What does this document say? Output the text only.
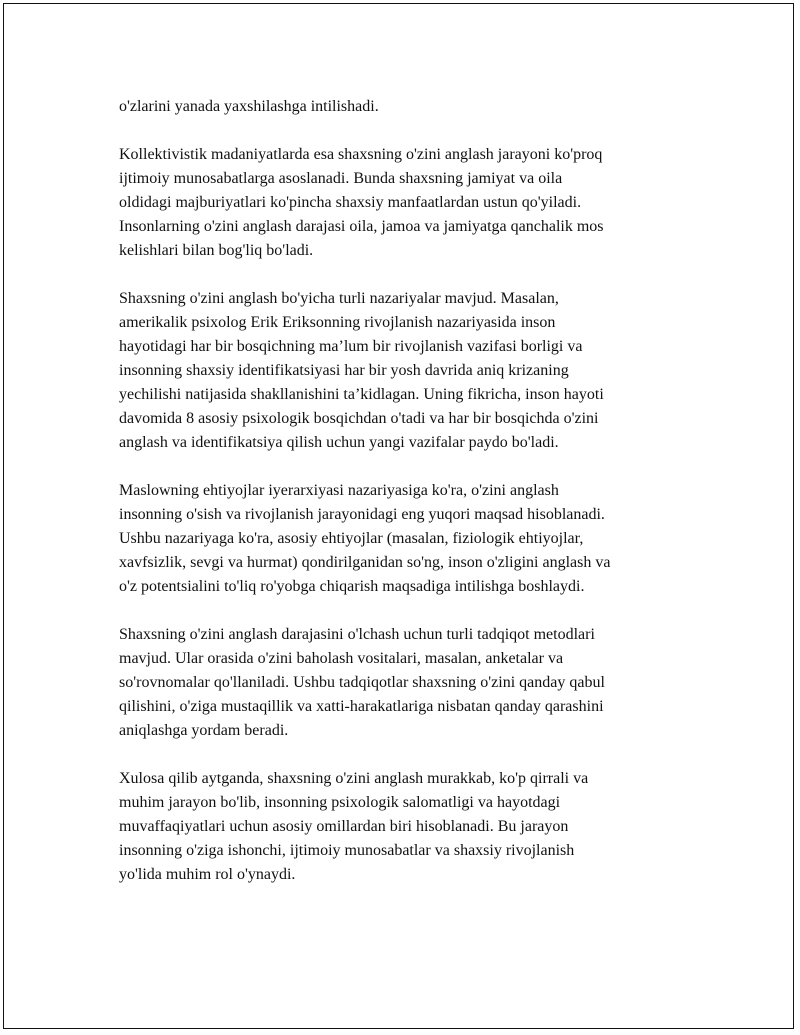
o'zlarini yanada yaxshilashga intilishadi.

Kollektivistik madaniyatlarda esa shaxsning o'zini anglash jarayoni ko'proq
ijtimoiy munosabatlarga asoslanadi. Bunda shaxsning jamiyat va oila
oldidagi majburiyatlari ko'pincha shaxsiy manfaatlardan ustun qo'yiladi.
Insonlarning o'zini anglash darajasi oila, jamoa va jamiyatga qanchalik mos
kelishlari bilan bog'liq bo'ladi.

Shaxsning o'zini anglash bo'yicha turli nazariyalar mavjud. Masalan,
amerikalik psixolog Erik Eriksonning rivojlanish nazariyasida inson
hayotidagi har bir bosqichning ma’lum bir rivojlanish vazifasi borligi va
insonning shaxsiy identifikatsiyasi har bir yosh davrida aniq krizaning
yechilishi natijasida shakllanishini ta’kidlagan. Uning fikricha, inson hayoti
davomida 8 asosiy psixologik bosqichdan o'tadi va har bir bosqichda o'zini
anglash va identifikatsiya qilish uchun yangi vazifalar paydo bo'ladi.

Maslowning ehtiyojlar iyerarxiyasi nazariyasiga ko'ra, o'zini anglash
insonning o'sish va rivojlanish jarayonidagi eng yuqori maqsad hisoblanadi.
Ushbu nazariyaga ko'ra, asosiy ehtiyojlar (masalan, fiziologik ehtiyojlar,
xavfsizlik, sevgi va hurmat) qondirilganidan so'ng, inson o'zligini anglash va
o'z potentsialini to'liq ro'yobga chiqarish maqsadiga intilishga boshlaydi.

Shaxsning o'zini anglash darajasini o'lchash uchun turli tadqiqot metodlari
mavjud. Ular orasida o'zini baholash vositalari, masalan, anketalar va
so'rovnomalar qo'llaniladi. Ushbu tadqiqotlar shaxsning o'zini qanday qabul
qilishini, o'ziga mustaqillik va xatti-harakatlariga nisbatan qanday qarashini
aniqlashga yordam beradi.

Xulosa qilib aytganda, shaxsning o'zini anglash murakkab, ko'p qirrali va
muhim jarayon bo'lib, insonning psixologik salomatligi va hayotdagi
muvaffaqiyatlari uchun asosiy omillardan biri hisoblanadi. Bu jarayon
insonning o'ziga ishonchi, ijtimoiy munosabatlar va shaxsiy rivojlanish
yo'lida muhim rol o'ynaydi.
